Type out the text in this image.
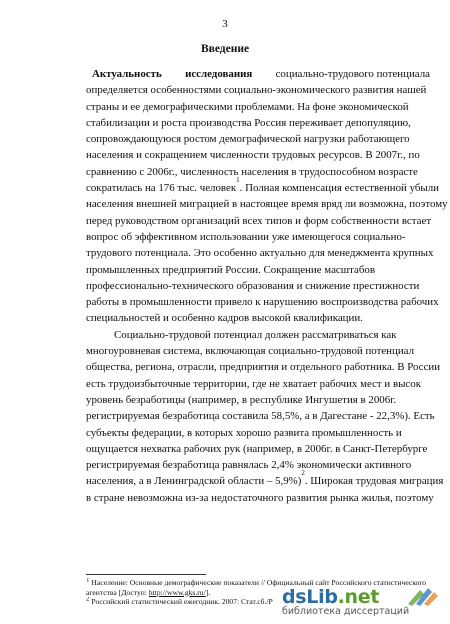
3
Введение
Актуальность исследования социально-трудового потенциала
определяется особенностями социально-экономического развития нашей
страны и ее демографическими проблемами. На фоне экономической
стабилизации и роста производства Россия переживает депопуляцию,
сопровождающуюся ростом демографической нагрузки работающего
населения и сокращением численности трудовых ресурсов. В 2007г., по
сравнению с 2006г., численность населения в трудоспособном возрасте
сократилась на 176 тыс. человек
1
. Полная компенсация естественной убыли
населения внешней миграцией в настоящее время вряд ли возможна, поэтому
перед руководством организаций всех типов и форм собственности встает
вопрос об эффективном использовании уже имеющегося социально-
трудового потенциала. Это особенно актуально для менеджмента крупных
промышленных предприятий России. Сокращение масштабов
профессионально-технического образования и снижение престижности
работы в промышленности привело к нарушению воспроизводства рабочих
специальностей и особенно кадров высокой квалификации.
Социально-трудовой потенциал должен рассматриваться как
многоуровневая система, включающая социально-трудовой потенциал
общества, региона, отрасли, предприятия и отдельного работника. В России
есть трудоизбыточные территории, где не хватает рабочих мест и высок
уровень безработицы (например, в республике Ингушетия в 2006г.
регистрируемая безработица составила 58,5%, а в Дагестане - 22,3%). Есть
субъекты федерации, в которых хорошо развита промышленность и
ощущается нехватка рабочих рук (например, в 2006г. в Санкт-Петербурге
регистрируемая безработица равнялась 2,4% экономически активного
населения, а в Ленинградской области – 5,9%)
2
. Широкая трудовая миграция
в стране невозможна из-за недостаточного развития рынка жилья, поэтому
$^1$ Население: Основные демографические показатели // Официальный сайт Российского статистического
агентства [Доступ: http://www.gks.ru/].
$^2$ Российский статистический ежегодник. 2007: Стат.сб./Р dsLib.net
библиотека диссертаций
